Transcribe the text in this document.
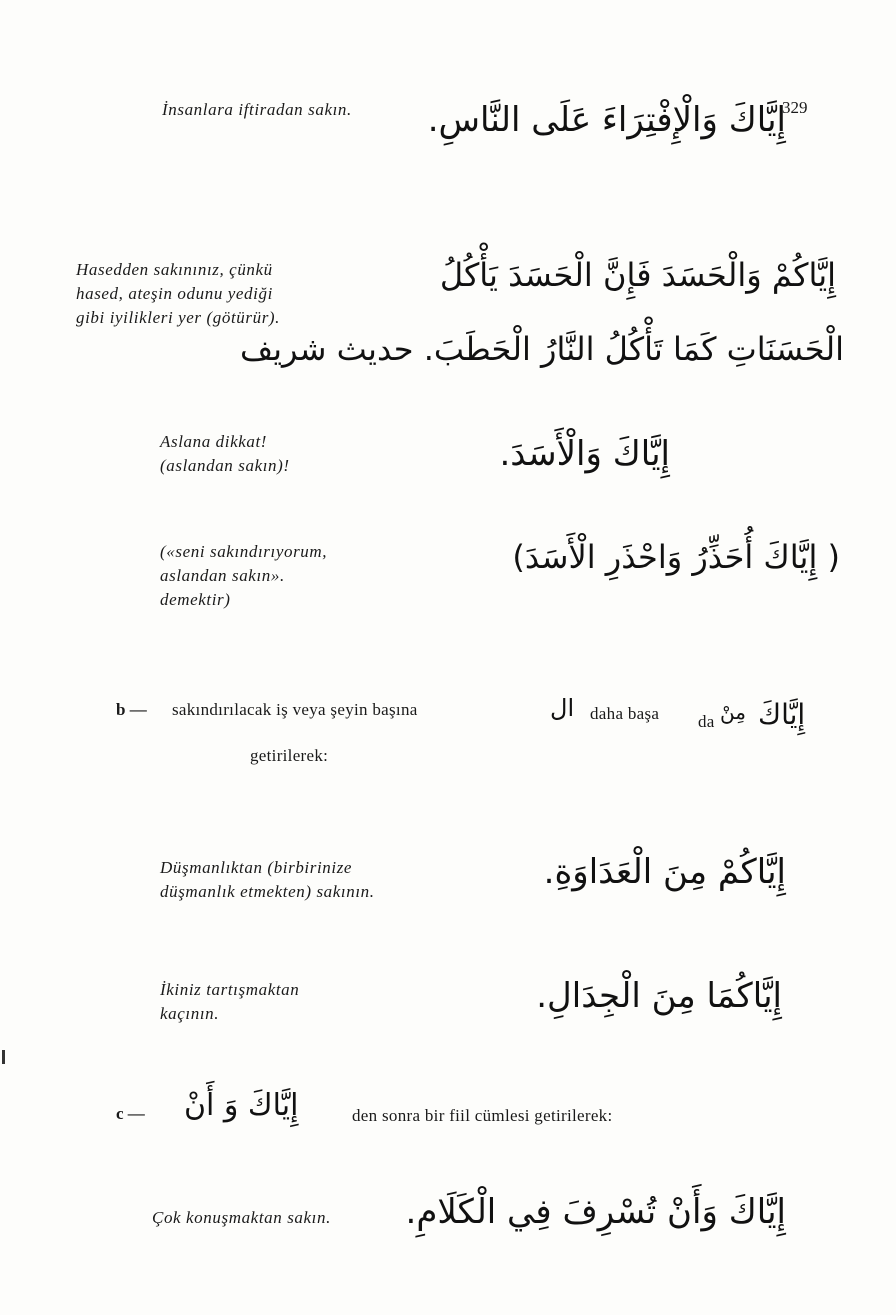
329
İnsanlara iftiradan sakın. إِيَّاكَ وَالْإِفْتِرَاءَ عَلَى النَّاسِ.
Hasedden sakınınız, çünkü
hased, ateşin odunu yediği
gibi iyilikleri yer (götürür).
إِيَّاكُمْ وَالْحَسَدَ فَإِنَّ الْحَسَدَ يَأْكُلُ
الْحَسَنَاتِ كَمَا تَأْكُلُ النَّارُ الْحَطَبَ. حديث شريف
Aslana dikkat!
(aslandan sakın)!	إِيَّاكَ وَالْأَسَدَ.
(«seni sakındırıyorum,
aslandan sakın».
demektir)
( إِيَّاكَ أُحَذِّرُ وَاحْذَرِ الْأَسَدَ)
b — sakındırılacak iş veya şeyin başına	ال daha başa da مِنْ إِيَّاكَ
getirilerek:
Düşmanlıktan (birbirinize
düşmanlık etmekten) sakının.	إِيَّاكُمْ مِنَ الْعَدَاوَةِ.
İkiniz tartışmaktan
kaçının.	إِيَّاكُمَا مِنَ الْجِدَالِ.
c — إِيَّاكَ وَ أَنْ	den sonra bir fiil cümlesi getirilerek:
Çok konuşmaktan sakın. إِيَّاكَ وَأَنْ تُسْرِفَ فِي الْكَلَامِ.
